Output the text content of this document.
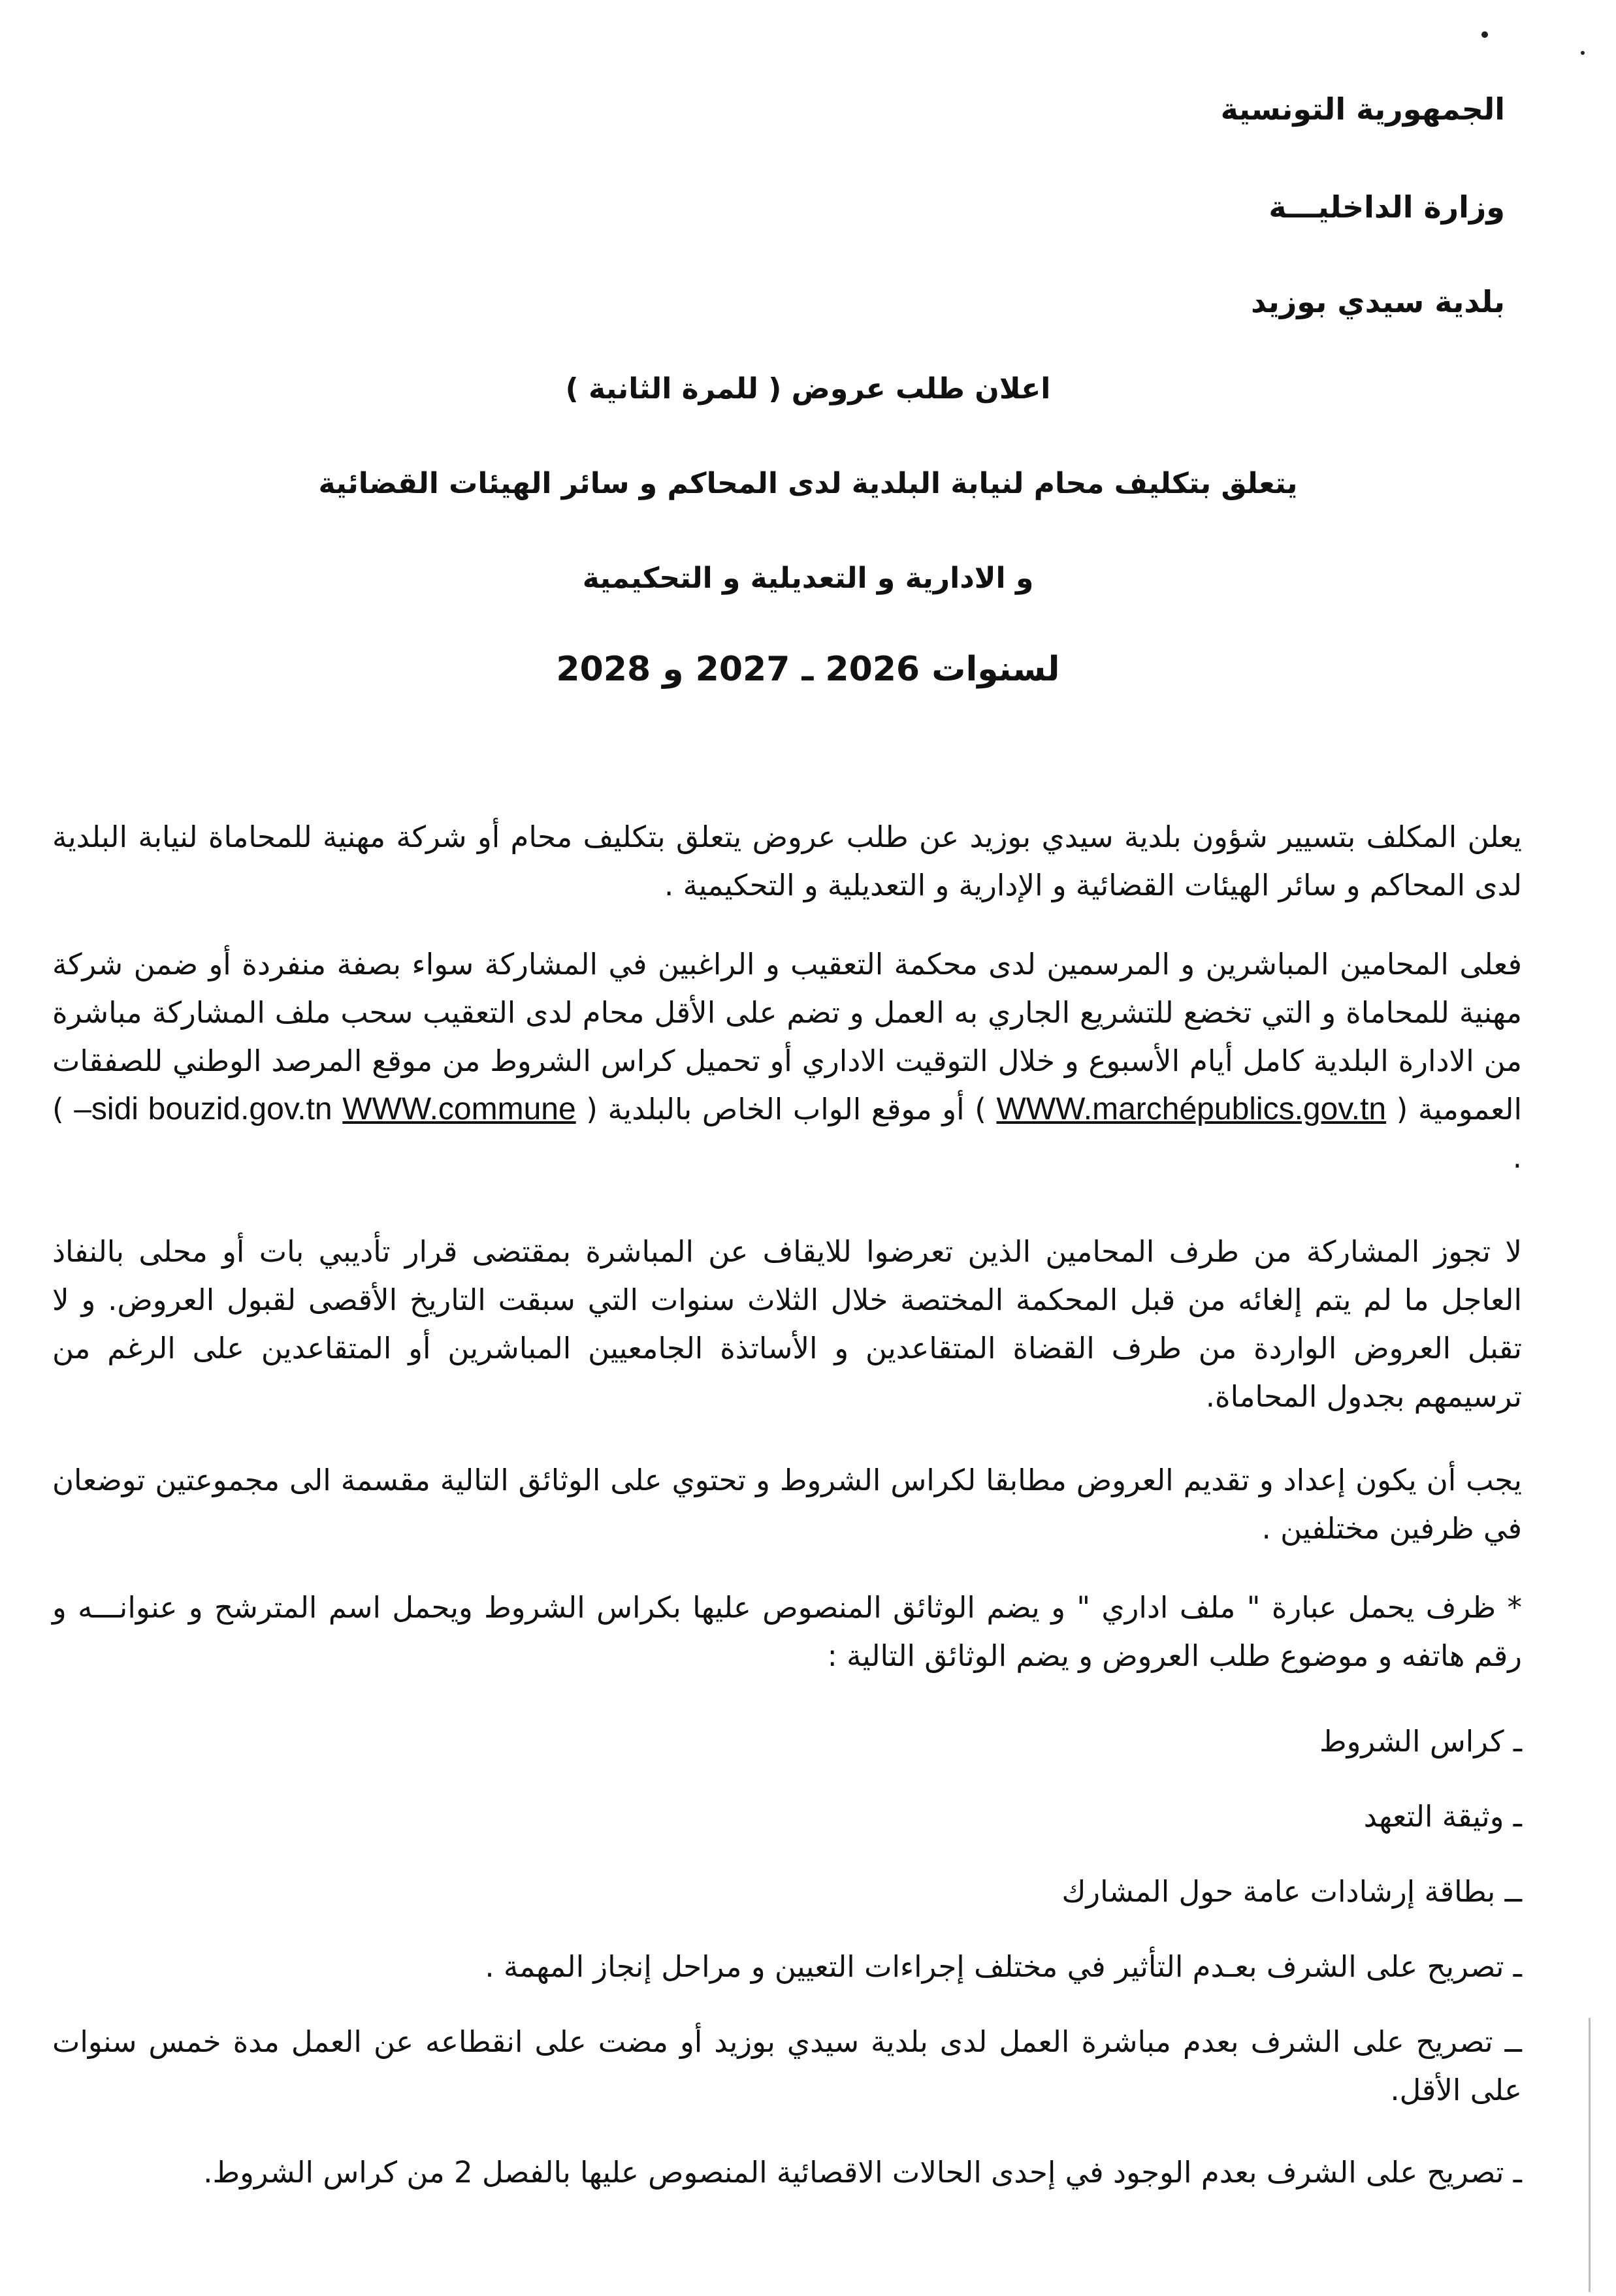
الجمهورية التونسية
وزارة الداخليـــة
بلدية سيدي بوزيد
اعلان طلب عروض ( للمرة الثانية )
يتعلق بتكليف محام لنيابة البلدية لدى المحاكم و سائر الهيئات القضائية
و الادارية و التعديلية و التحكيمية
لسنوات 2026 ـ 2027 و 2028
يعلن المكلف بتسيير شؤون بلدية سيدي بوزيد عن طلب عروض يتعلق بتكليف محام أو شركة مهنية للمحاماة لنيابة البلدية لدى المحاكم و سائر الهيئات القضائية و الإدارية و التعديلية و التحكيمية .
فعلى المحامين المباشرين و المرسمين لدى محكمة التعقيب و الراغبين في المشاركة سواء بصفة منفردة أو ضمن شركة مهنية للمحاماة و التي تخضع للتشريع الجاري به العمل و تضم على الأقل محام لدى التعقيب سحب ملف المشاركة مباشرة من الادارة البلدية كامل أيام الأسبوع و خلال التوقيت الاداري أو تحميل كراس الشروط من موقع المرصد الوطني للصفقات العمومية ( WWW.marchépublics.gov.tn ) أو موقع الواب الخاص بالبلدية ( WWW.commune –sidi bouzid.gov.tn ) .
لا تجوز المشاركة من طرف المحامين الذين تعرضوا للايقاف عن المباشرة بمقتضى قرار تأديبي بات أو محلى بالنفاذ العاجل ما لم يتم إلغائه من قبل المحكمة المختصة خلال الثلاث سنوات التي سبقت التاريخ الأقصى لقبول العروض. و لا تقبل العروض الواردة من طرف القضاة المتقاعدين و الأساتذة الجامعيين المباشرين أو المتقاعدين على الرغم من ترسيمهم بجدول المحاماة.
يجب أن يكون إعداد و تقديم العروض مطابقا لكراس الشروط و تحتوي على الوثائق التالية مقسمة الى مجموعتين توضعان في ظرفين مختلفين .
* ظرف يحمل عبارة " ملف اداري " و يضم الوثائق المنصوص عليها بكراس الشروط ويحمل اسم المترشح و عنوانـــه و رقم هاتفه و موضوع طلب العروض و يضم الوثائق التالية :
ـ كراس الشروط
ـ وثيقة التعهد
ــ بطاقة إرشادات عامة حول المشارك
ـ تصريح على الشرف بعـدم التأثير في مختلف إجراءات التعيين و مراحل إنجاز المهمة .
ــ تصريح على الشرف بعدم مباشرة العمل لدى بلدية سيدي بوزيد أو مضت على انقطاعه عن العمل مدة خمس سنوات على الأقل.
ـ تصريح على الشرف بعدم الوجود في إحدى الحالات الاقصائية المنصوص عليها بالفصل 2 من كراس الشروط.
